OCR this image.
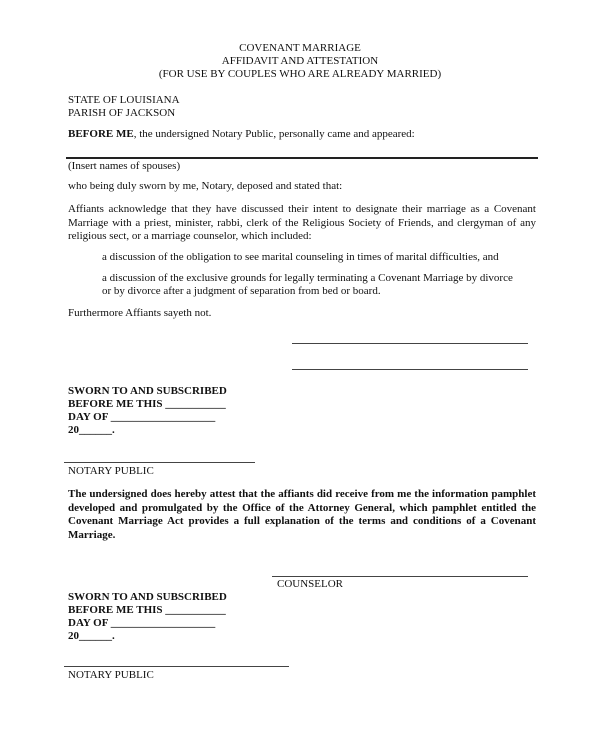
COVENANT MARRIAGE
AFFIDAVIT AND ATTESTATION
(FOR USE BY COUPLES WHO ARE ALREADY MARRIED)
STATE OF LOUISIANA
PARISH OF JACKSON
BEFORE ME, the undersigned Notary Public, personally came and appeared:
(Insert names of spouses)
who being duly sworn by me, Notary, deposed and stated that:
Affiants acknowledge that they have discussed their intent to designate their marriage as a Covenant
Marriage with a priest, minister, rabbi, clerk of the Religious Society of Friends, and clergyman of any
religious sect, or a marriage counselor, which included:
a discussion of the obligation to see marital counseling in times of marital difficulties, and
a discussion of the exclusive grounds for legally terminating a Covenant Marriage by divorce
or by divorce after a judgment of separation from bed or board.
Furthermore Affiants sayeth not.
SWORN TO AND SUBSCRIBED
BEFORE ME THIS ___________
DAY OF ___________________
20______.
NOTARY PUBLIC
The undersigned does hereby attest that the affiants did receive from me the information pamphlet
developed and promulgated by the Office of the Attorney General, which pamphlet entitled the
Covenant Marriage Act provides a full explanation of the terms and conditions of a Covenant
Marriage.
COUNSELOR
SWORN TO AND SUBSCRIBED
BEFORE ME THIS ___________
DAY OF ___________________
20______.
NOTARY PUBLIC
